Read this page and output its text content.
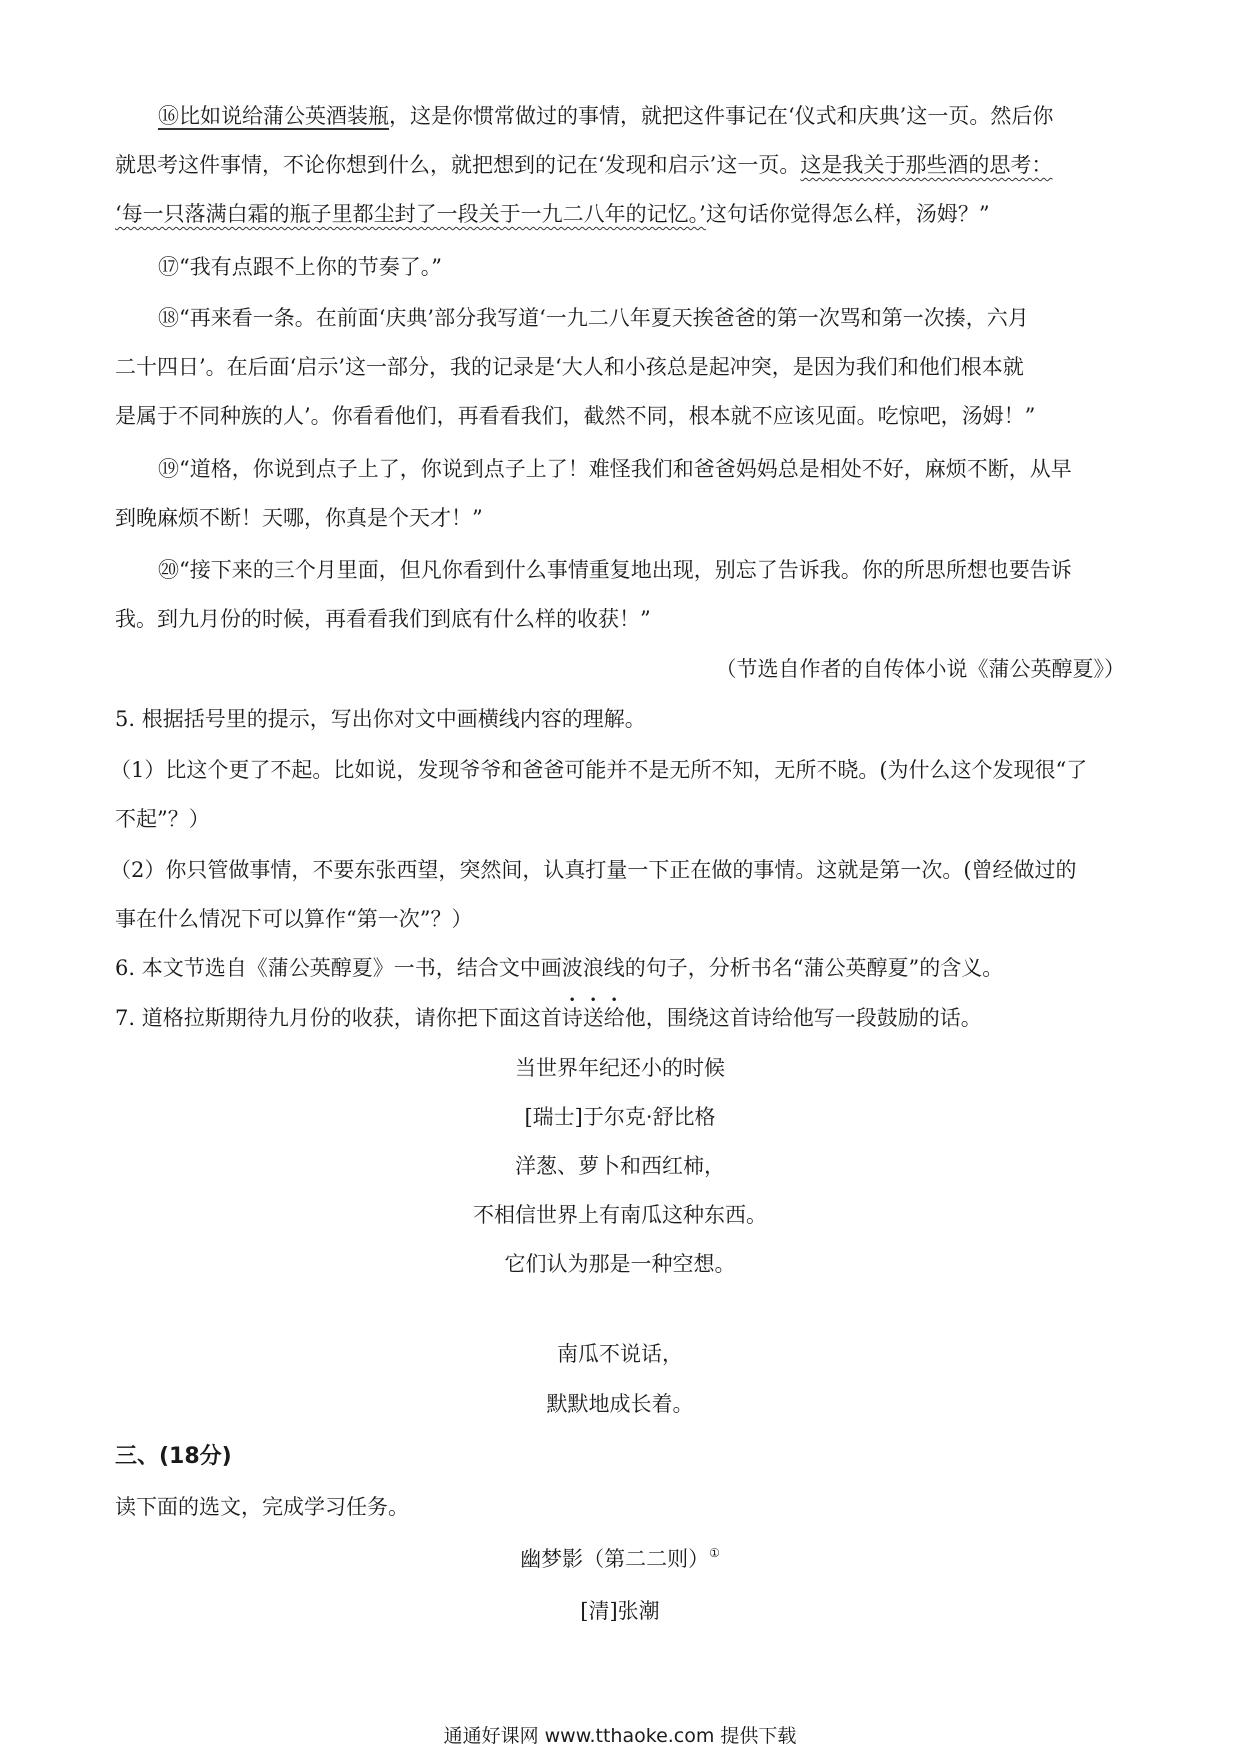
⑯比如说给蒲公英酒装瓶，这是你惯常做过的事情，就把这件事记在‘仪式和庆典’这一页。然后你
就思考这件事情，不论你想到什么，就把想到的记在‘发现和启示’这一页。这是我关于那些酒的思考：
‘每一只落满白霜的瓶子里都尘封了一段关于一九二八年的记忆。’这句话你觉得怎么样，汤姆？”
⑰“我有点跟不上你的节奏了。”
⑱“再来看一条。在前面‘庆典’部分我写道‘一九二八年夏天挨爸爸的第一次骂和第一次揍，六月
二十四日’。在后面‘启示’这一部分，我的记录是‘大人和小孩总是起冲突，是因为我们和他们根本就
是属于不同种族的人’。你看看他们，再看看我们，截然不同，根本就不应该见面。吃惊吧，汤姆！”
⑲“道格，你说到点子上了，你说到点子上了！难怪我们和爸爸妈妈总是相处不好，麻烦不断，从早
到晚麻烦不断！天哪，你真是个天才！”
⑳“接下来的三个月里面，但凡你看到什么事情重复地出现，别忘了告诉我。你的所思所想也要告诉
我。到九月份的时候，再看看我们到底有什么样的收获！”
（节选自作者的自传体小说《蒲公英醇夏》）
5. 根据括号里的提示，写出你对文中画横线内容的理解。
（1）比这个更了不起。比如说，发现爷爷和爸爸可能并不是无所不知，无所不晓。(为什么这个发现很“了
不起”？）
（2）你只管做事情，不要东张西望，突然间，认真打量一下正在做的事情。这就是第一次。(曾经做过的
事在什么情况下可以算作“第一次”？）
6. 本文节选自《蒲公英醇夏》一书，结合文中画波浪线的句子，分析书名“蒲公英醇夏”的含义。
7. 道格拉斯期待九月份的收获，请你把下面这首诗送给他，围绕这首诗给他写一段鼓励的话。
当世界年纪还小的时候
[瑞士]于尔克·舒比格
洋葱、萝卜和西红柿，
不相信世界上有南瓜这种东西。
它们认为那是一种空想。
南瓜不说话，
默默地成长着。
三、(18分)
读下面的选文，完成学习任务。
幽梦影（第二二则）①
[清]张潮
通通好课网 www.tthaoke.com 提供下载
